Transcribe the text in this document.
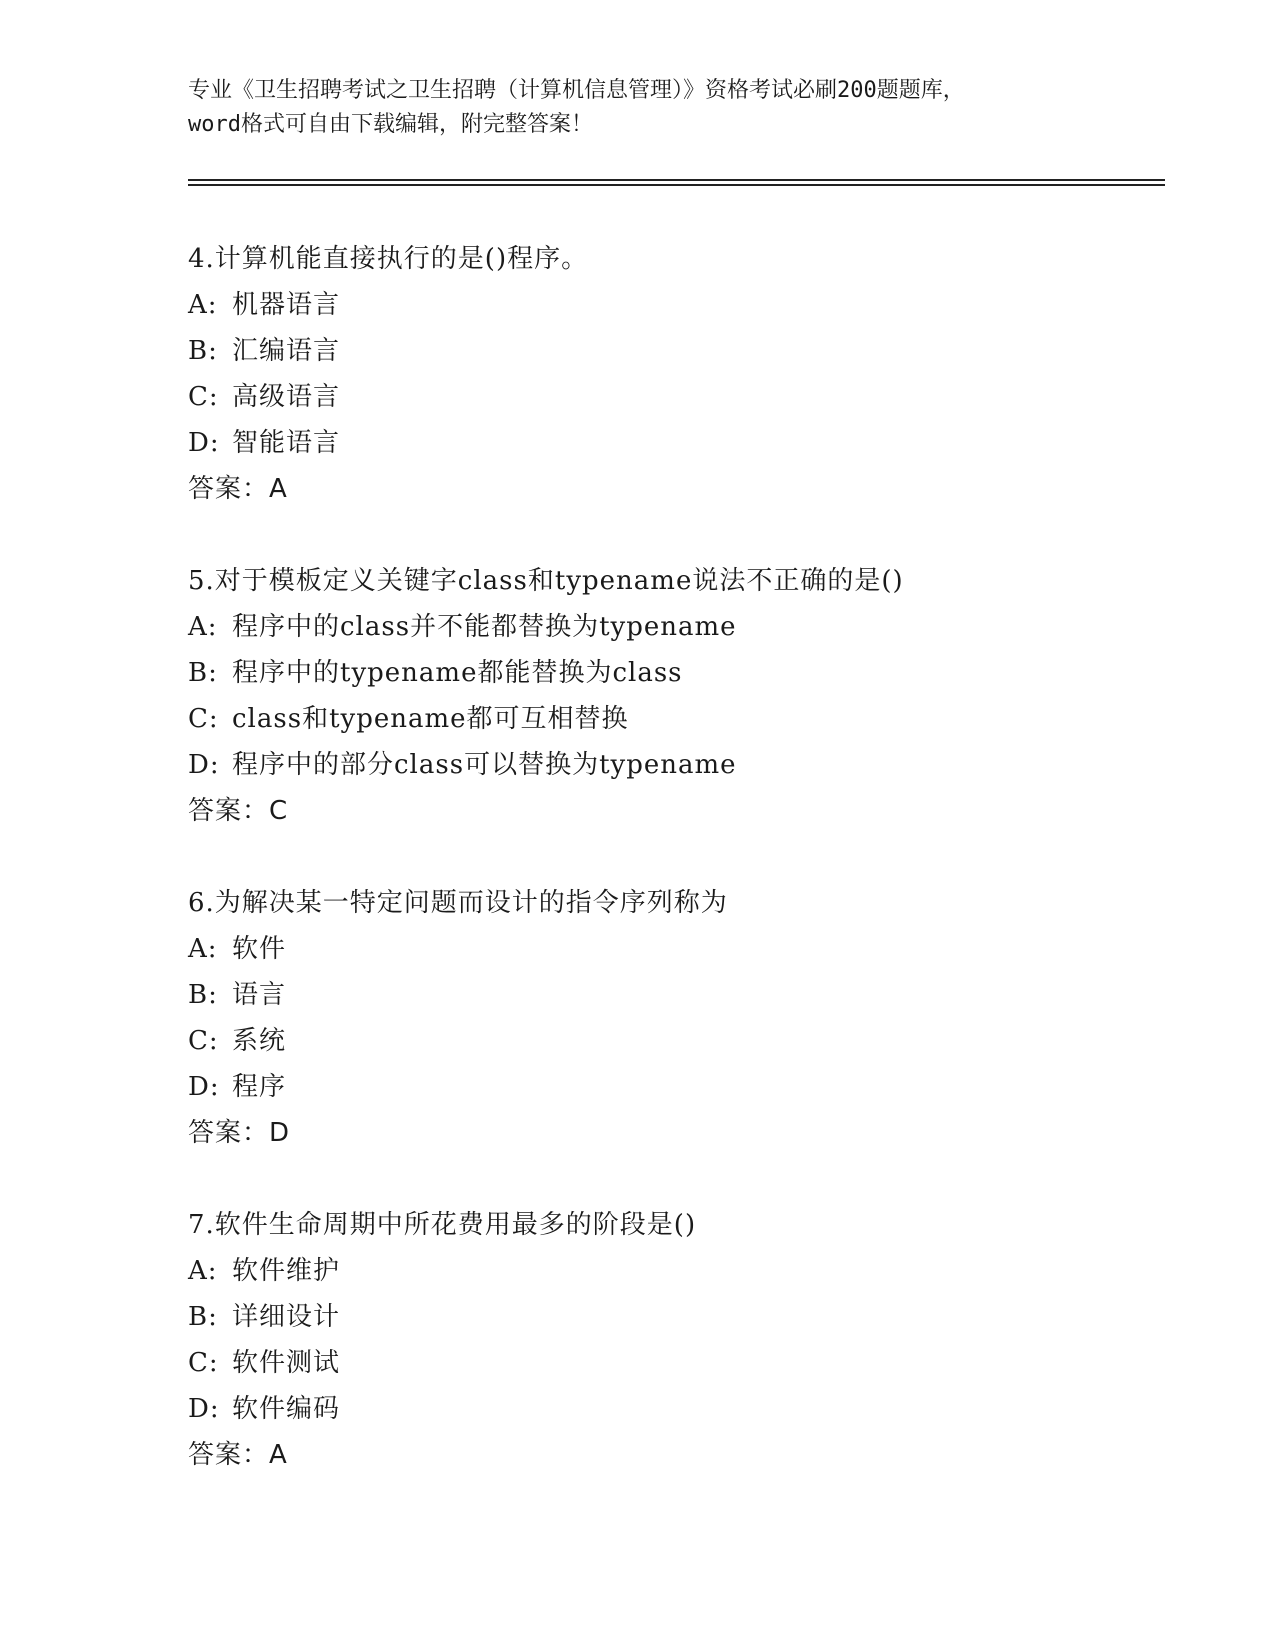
专业《卫生招聘考试之卫生招聘（计算机信息管理）》资格考试必刷200题题库，
word格式可自由下载编辑，附完整答案！
4.计算机能直接执行的是()程序。
A: 机器语言
B: 汇编语言
C: 高级语言
D: 智能语言
答案：A
5.对于模板定义关键字class和typename说法不正确的是()
A: 程序中的class并不能都替换为typename
B: 程序中的typename都能替换为class
C: class和typename都可互相替换
D: 程序中的部分class可以替换为typename
答案：C
6.为解决某一特定问题而设计的指令序列称为
A: 软件
B: 语言
C: 系统
D: 程序
答案：D
7.软件生命周期中所花费用最多的阶段是()
A: 软件维护
B: 详细设计
C: 软件测试
D: 软件编码
答案：A
